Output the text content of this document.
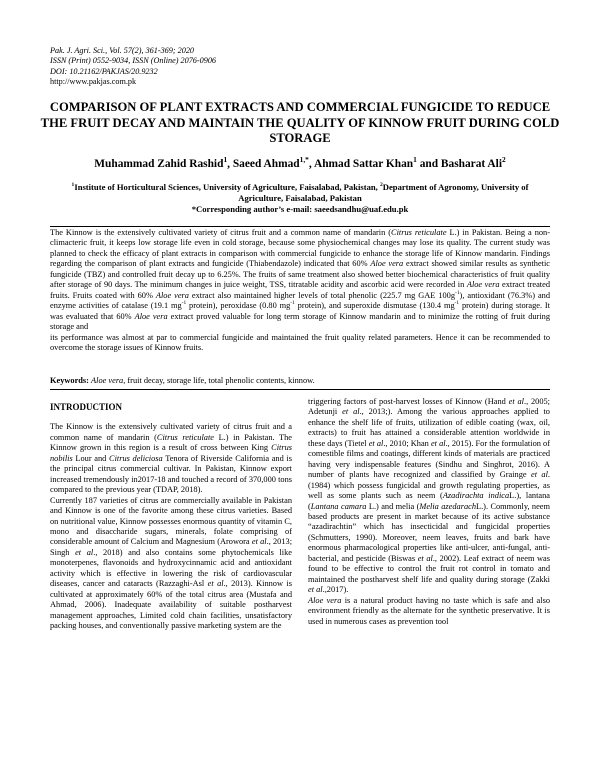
Pak. J. Agri. Sci., Vol. 57(2), 361-369; 2020
ISSN (Print) 0552-9034, ISSN (Online) 2076-0906
DOI: 10.21162/PAKJAS/20.9232
http://www.pakjas.com.pk
COMPARISON OF PLANT EXTRACTS AND COMMERCIAL FUNGICIDE TO REDUCE THE FRUIT DECAY AND MAINTAIN THE QUALITY OF KINNOW FRUIT DURING COLD STORAGE
Muhammad Zahid Rashid$^1$, Saeed Ahmad$^{1,*}$, Ahmad Sattar Khan$^1$ and Basharat Ali$^2$
$^1$Institute of Horticultural Sciences, University of Agriculture, Faisalabad, Pakistan, $^2$Department of Agronomy, University of Agriculture, Faisalabad, Pakistan
*Corresponding author’s e-mail: saeedsandhu@uaf.edu.pk

The Kinnow is the extensively cultivated variety of citrus fruit and a common name of mandarin (Citrus reticulate L.) in Pakistan. Being a non-climacteric fruit, it keeps low storage life even in cold storage, because some physiochemical changes may lose its quality. The current study was planned to check the efficacy of plant extracts in comparison with commercial fungicide to enhance the storage life of Kinnow mandarin. Findings regarding the comparison of plant extracts and fungicide (Thiabendazole) indicated that 60% Aloe vera extract showed similar results as synthetic fungicide (TBZ) and controlled fruit decay up to 6.25%. The fruits of same treatment also showed better biochemical characteristics of fruit quality after storage of 90 days. The minimum changes in juice weight, TSS, titratable acidity and ascorbic acid were recorded in Aloe vera extract treated fruits. Fruits coated with 60% Aloe vera extract also maintained higher levels of total phenolic (225.7 mg GAE $100g^{-1}$), antioxidant (76.3%) and enzyme activities of catalase (19.1 $mg^{-1}$ protein), peroxidase (0.80 $mg^{-1}$ protein), and superoxide dismutase (130.4 $mg^{-1}$ protein) during storage. It was evaluated that 60% Aloe vera extract proved valuable for long term storage of Kinnow mandarin and to minimize the rotting of fruit during storage and

its performance was almost at par to commercial fungicide and maintained the fruit quality related parameters. Hence it can be recommended to overcome the storage issues of Kinnow fruits.

Keywords: Aloe vera, fruit decay, storage life, total phenolic contents, kinnow.

INTRODUCTION

The Kinnow is the extensively cultivated variety of citrus fruit and a common name of mandarin (Citrus reticulate L.) in Pakistan. The Kinnow grown in this region is a result of cross between King Citrus nobilis Lour and Citrus deliciosa Tenora of Riverside California and is the principal citrus commercial cultivar. In Pakistan, Kinnow export increased tremendously in2017-18 and touched a record of 370,000 tons compared to the previous year (TDAP, 2018).

Currently 187 varieties of citrus are commercially available in Pakistan and Kinnow is one of the favorite among these citrus varieties. Based on nutritional value, Kinnow possesses enormous quantity of vitamin C, mono and disaccharide sugars, minerals, folate comprising of considerable amount of Calcium and Magnesium (Arowora et al., 2013; Singh et al., 2018) and also contains some phytochemicals like monoterpenes, flavonoids and hydroxycinnamic acid and antioxidant activity which is effective in lowering the risk of cardiovascular diseases, cancer and cataracts (Razzaghi-Asl et al., 2013). Kinnow is cultivated at approximately 60% of the total citrus area (Mustafa and Ahmad, 2006). Inadequate availability of suitable postharvest management approaches, Limited cold chain facilities, unsatisfactory packing houses, and conventionally passive marketing system are the

triggering factors of post-harvest losses of Kinnow (Hand et al., 2005; Adetunji et al., 2013;). Among the various approaches applied to enhance the shelf life of fruits, utilization of edible coating (wax, oil, extracts) to fruit has attained a considerable attention worldwide in these days (Tietel et al., 2010; Khan et al., 2015). For the formulation of comestible films and coatings, different kinds of materials are practiced having very indispensable features (Sindhu and Singhrot, 2016). A number of plants have recognized and classified by Grainge et al. (1984) which possess fungicidal and growth regulating properties, as well as some plants such as neem (Azadirachta indicaL.), lantana (Lantana camara L.) and melia (Melia azedarachL.). Commonly, neem based products are present in market because of its active substance “azadirachtin” which has insecticidal and fungicidal properties (Schmutters, 1990). Moreover, neem leaves, fruits and bark have enormous pharmacological properties like anti-ulcer, anti-fungal, anti-bacterial, and pesticide (Biswas et al., 2002). Leaf extract of neem was found to be effective to control the fruit rot control in tomato and maintained the postharvest shelf life and quality during storage (Zakki et al.,2017).

Aloe vera is a natural product having no taste which is safe and also environment friendly as the alternate for the synthetic preservative. It is used in numerous cases as prevention tool
